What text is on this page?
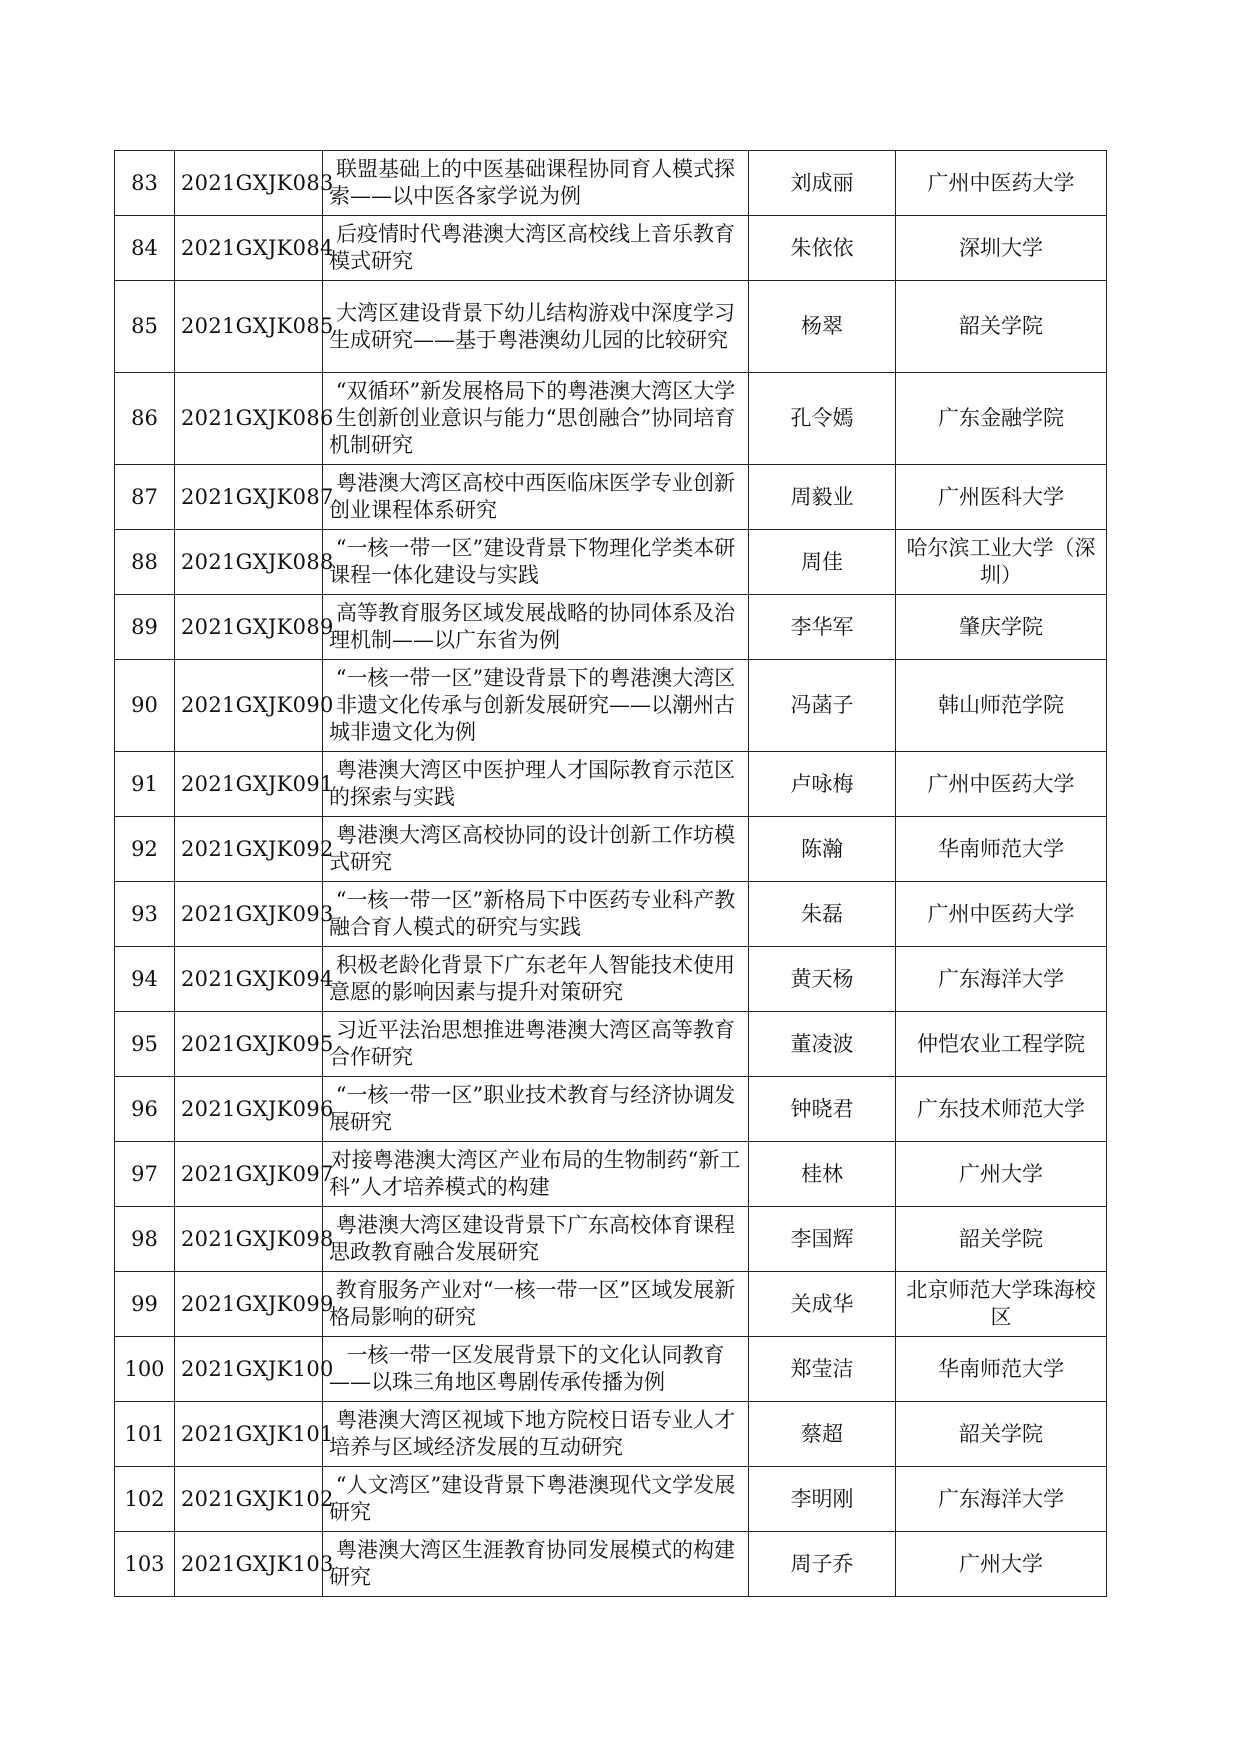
83	2021GXJK083	联盟基础上的中医基础课程协同育人模式探索——以中医各家学说为例	刘成丽	广州中医药大学
84	2021GXJK084	后疫情时代粤港澳大湾区高校线上音乐教育模式研究	朱依依	深圳大学
85	2021GXJK085	大湾区建设背景下幼儿结构游戏中深度学习生成研究——基于粤港澳幼儿园的比较研究	杨翠	韶关学院
86	2021GXJK086	“双循环”新发展格局下的粤港澳大湾区大学生创新创业意识与能力“思创融合”协同培育机制研究	孔令嫣	广东金融学院
87	2021GXJK087	粤港澳大湾区高校中西医临床医学专业创新创业课程体系研究	周毅业	广州医科大学
88	2021GXJK088	“一核一带一区”建设背景下物理化学类本研课程一体化建设与实践	周佳	哈尔滨工业大学（深圳）
89	2021GXJK089	高等教育服务区域发展战略的协同体系及治理机制——以广东省为例	李华军	肇庆学院
90	2021GXJK090	“一核一带一区”建设背景下的粤港澳大湾区非遗文化传承与创新发展研究——以潮州古城非遗文化为例	冯菡子	韩山师范学院
91	2021GXJK091	粤港澳大湾区中医护理人才国际教育示范区的探索与实践	卢咏梅	广州中医药大学
92	2021GXJK092	粤港澳大湾区高校协同的设计创新工作坊模式研究	陈瀚	华南师范大学
93	2021GXJK093	“一核一带一区”新格局下中医药专业科产教融合育人模式的研究与实践	朱磊	广州中医药大学
94	2021GXJK094	积极老龄化背景下广东老年人智能技术使用意愿的影响因素与提升对策研究	黄天杨	广东海洋大学
95	2021GXJK095	习近平法治思想推进粤港澳大湾区高等教育合作研究	董凌波	仲恺农业工程学院
96	2021GXJK096	“一核一带一区”职业技术教育与经济协调发展研究	钟晓君	广东技术师范大学
97	2021GXJK097	对接粤港澳大湾区产业布局的生物制药“新工科”人才培养模式的构建	桂林	广州大学
98	2021GXJK098	粤港澳大湾区建设背景下广东高校体育课程思政教育融合发展研究	李国辉	韶关学院
99	2021GXJK099	教育服务产业对“一核一带一区”区域发展新格局影响的研究	关成华	北京师范大学珠海校区
100	2021GXJK100	一核一带一区发展背景下的文化认同教育——以珠三角地区粤剧传承传播为例	郑莹洁	华南师范大学
101	2021GXJK101	粤港澳大湾区视域下地方院校日语专业人才培养与区域经济发展的互动研究	蔡超	韶关学院
102	2021GXJK102	“人文湾区”建设背景下粤港澳现代文学发展研究	李明刚	广东海洋大学
103	2021GXJK103	粤港澳大湾区生涯教育协同发展模式的构建研究	周子乔	广州大学
